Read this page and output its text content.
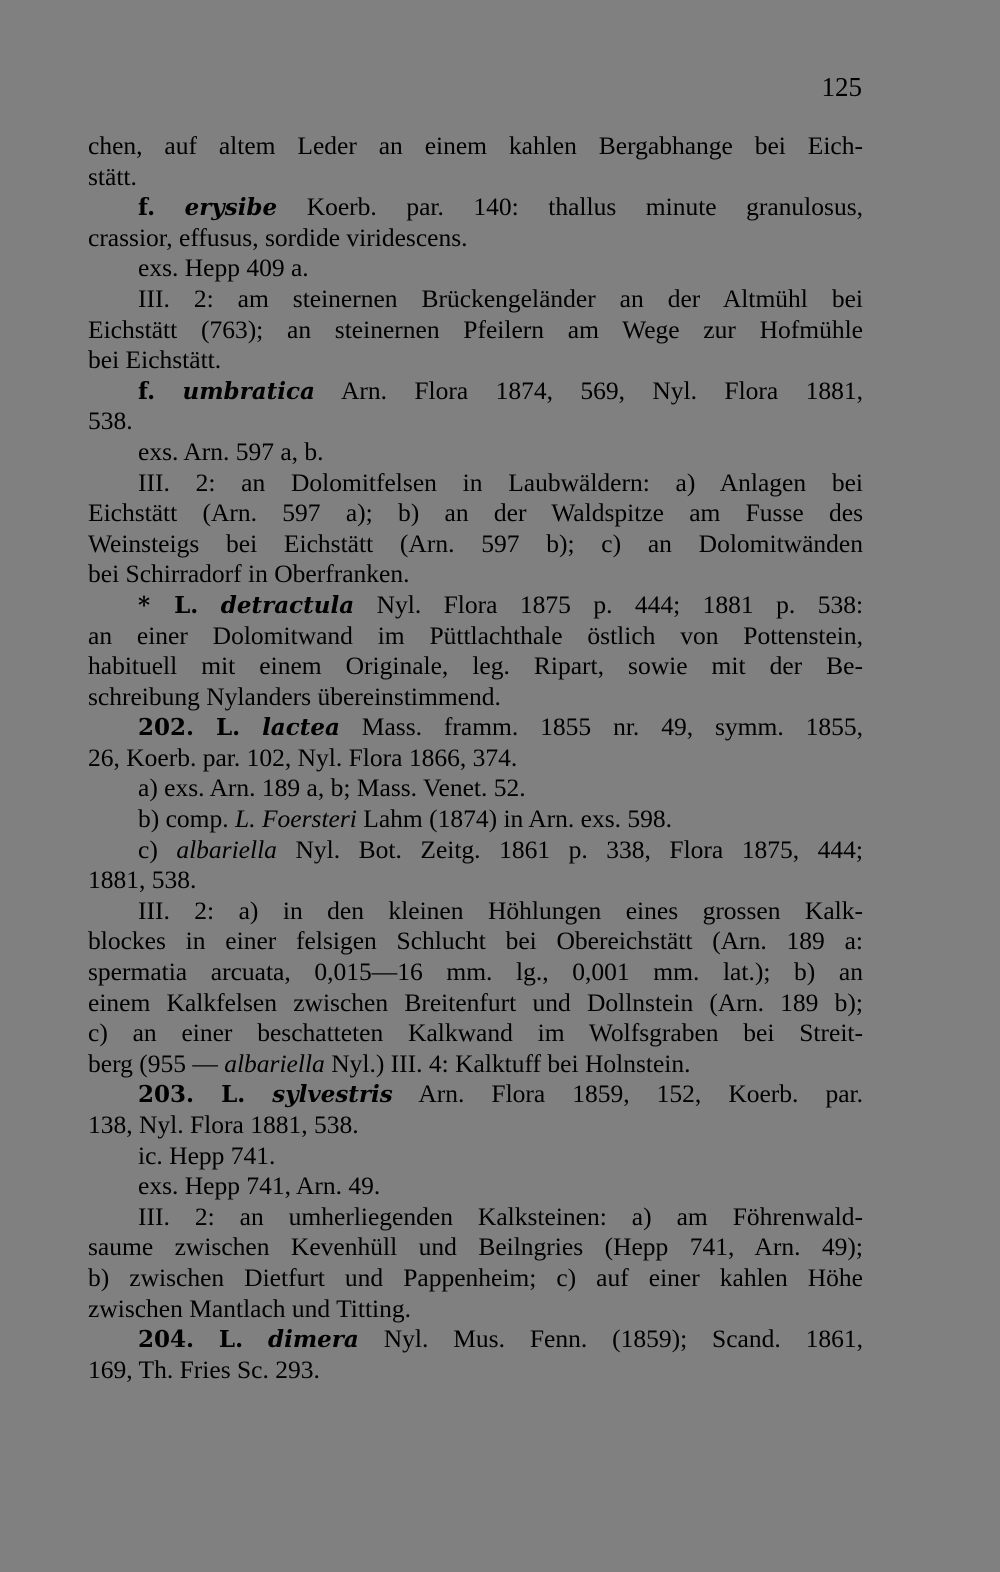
125
chen, auf altem Leder an einem kahlen Bergabhange bei Eich-
stätt.
f. erysibe Koerb. par. 140: thallus minute granulosus,
crassior, effusus, sordide viridescens.
exs. Hepp 409 a.
III. 2: am steinernen Brückengeländer an der Altmühl bei
Eichstätt (763); an steinernen Pfeilern am Wege zur Hofmühle
bei Eichstätt.
f. umbratica Arn. Flora 1874, 569, Nyl. Flora 1881,
538.
exs. Arn. 597 a, b.
III. 2: an Dolomitfelsen in Laubwäldern: a) Anlagen bei
Eichstätt (Arn. 597 a); b) an der Waldspitze am Fusse des
Weinsteigs bei Eichstätt (Arn. 597 b); c) an Dolomitwänden
bei Schirradorf in Oberfranken.
* L. detractula Nyl. Flora 1875 p. 444; 1881 p. 538:
an einer Dolomitwand im Püttlachthale östlich von Pottenstein,
habituell mit einem Originale, leg. Ripart, sowie mit der Be-
schreibung Nylanders übereinstimmend.
202. L. lactea Mass. framm. 1855 nr. 49, symm. 1855,
26, Koerb. par. 102, Nyl. Flora 1866, 374.
a) exs. Arn. 189 a, b; Mass. Venet. 52.
b) comp. L. Foersteri Lahm (1874) in Arn. exs. 598.
c) albariella Nyl. Bot. Zeitg. 1861 p. 338, Flora 1875, 444;
1881, 538.
III. 2: a) in den kleinen Höhlungen eines grossen Kalk-
blockes in einer felsigen Schlucht bei Obereichstätt (Arn. 189 a:
spermatia arcuata, 0,015—16 mm. lg., 0,001 mm. lat.); b) an
einem Kalkfelsen zwischen Breitenfurt und Dollnstein (Arn. 189 b);
c) an einer beschatteten Kalkwand im Wolfsgraben bei Streit-
berg (955 — albariella Nyl.) III. 4: Kalktuff bei Holnstein.
203. L. sylvestris Arn. Flora 1859, 152, Koerb. par.
138, Nyl. Flora 1881, 538.
ic. Hepp 741.
exs. Hepp 741, Arn. 49.
III. 2: an umherliegenden Kalksteinen: a) am Föhrenwald-
saume zwischen Kevenhüll und Beilngries (Hepp 741, Arn. 49);
b) zwischen Dietfurt und Pappenheim; c) auf einer kahlen Höhe
zwischen Mantlach und Titting.
204. L. dimera Nyl. Mus. Fenn. (1859); Scand. 1861,
169, Th. Fries Sc. 293.
